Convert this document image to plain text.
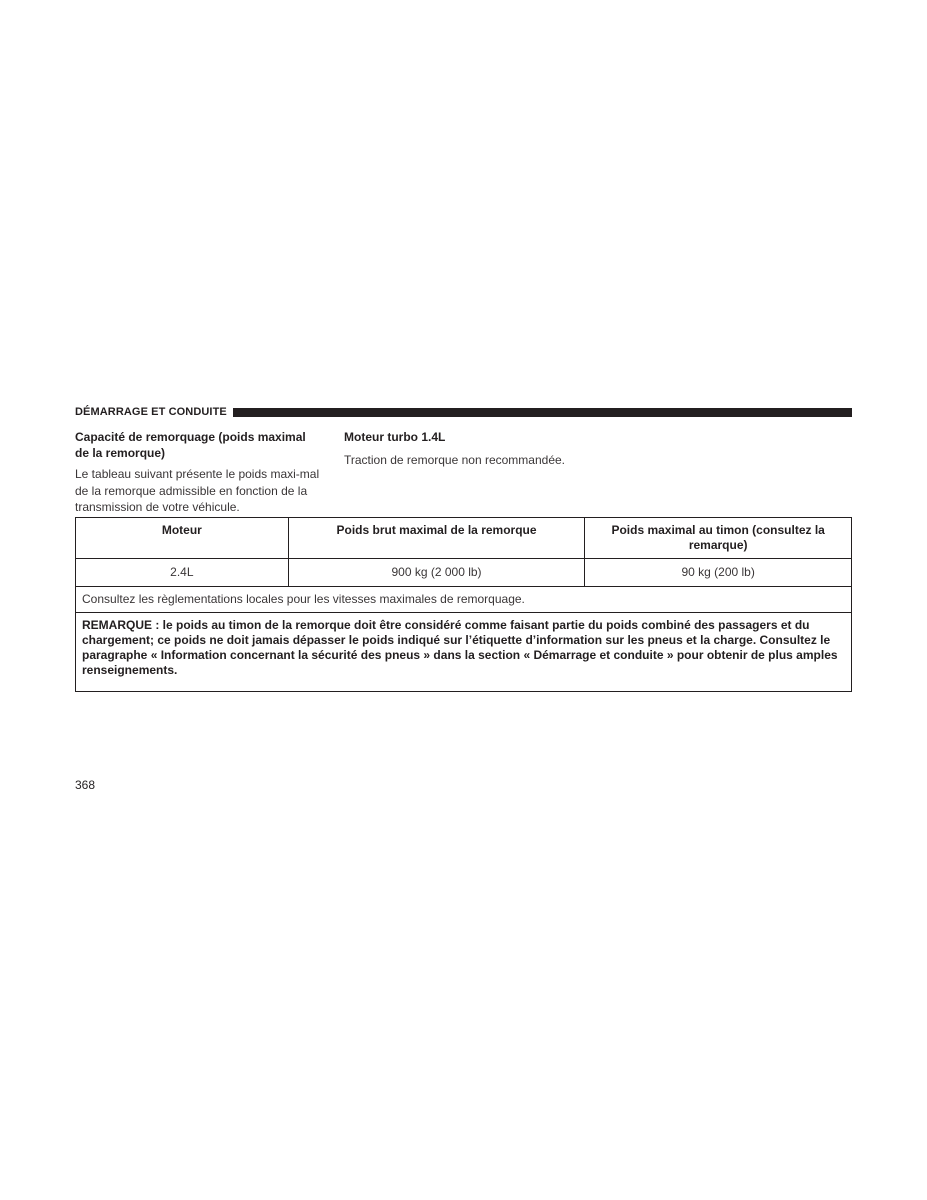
DÉMARRAGE ET CONDUITE

Capacité de remorquage (poids maximal de la remorque)

Le tableau suivant présente le poids maxi-mal de la remorque admissible en fonction de la transmission de votre véhicule.

Moteur turbo 1.4L

Traction de remorque non recommandée.

Moteur	Poids brut maximal de la remorque	Poids maximal au timon (consultez la remarque)
2.4L	900 kg (2 000 lb)	90 kg (200 lb)
Consultez les règlementations locales pour les vitesses maximales de remorquage.		
REMARQUE : le poids au timon de la remorque doit être considéré comme faisant partie du poids combiné des passagers et du chargement; ce poids ne doit jamais dépasser le poids indiqué sur l’étiquette d’information sur les pneus et la charge. Consultez le paragraphe « Information concernant la sécurité des pneus » dans la section « Démarrage et conduite » pour obtenir de plus amples renseignements.		
368
